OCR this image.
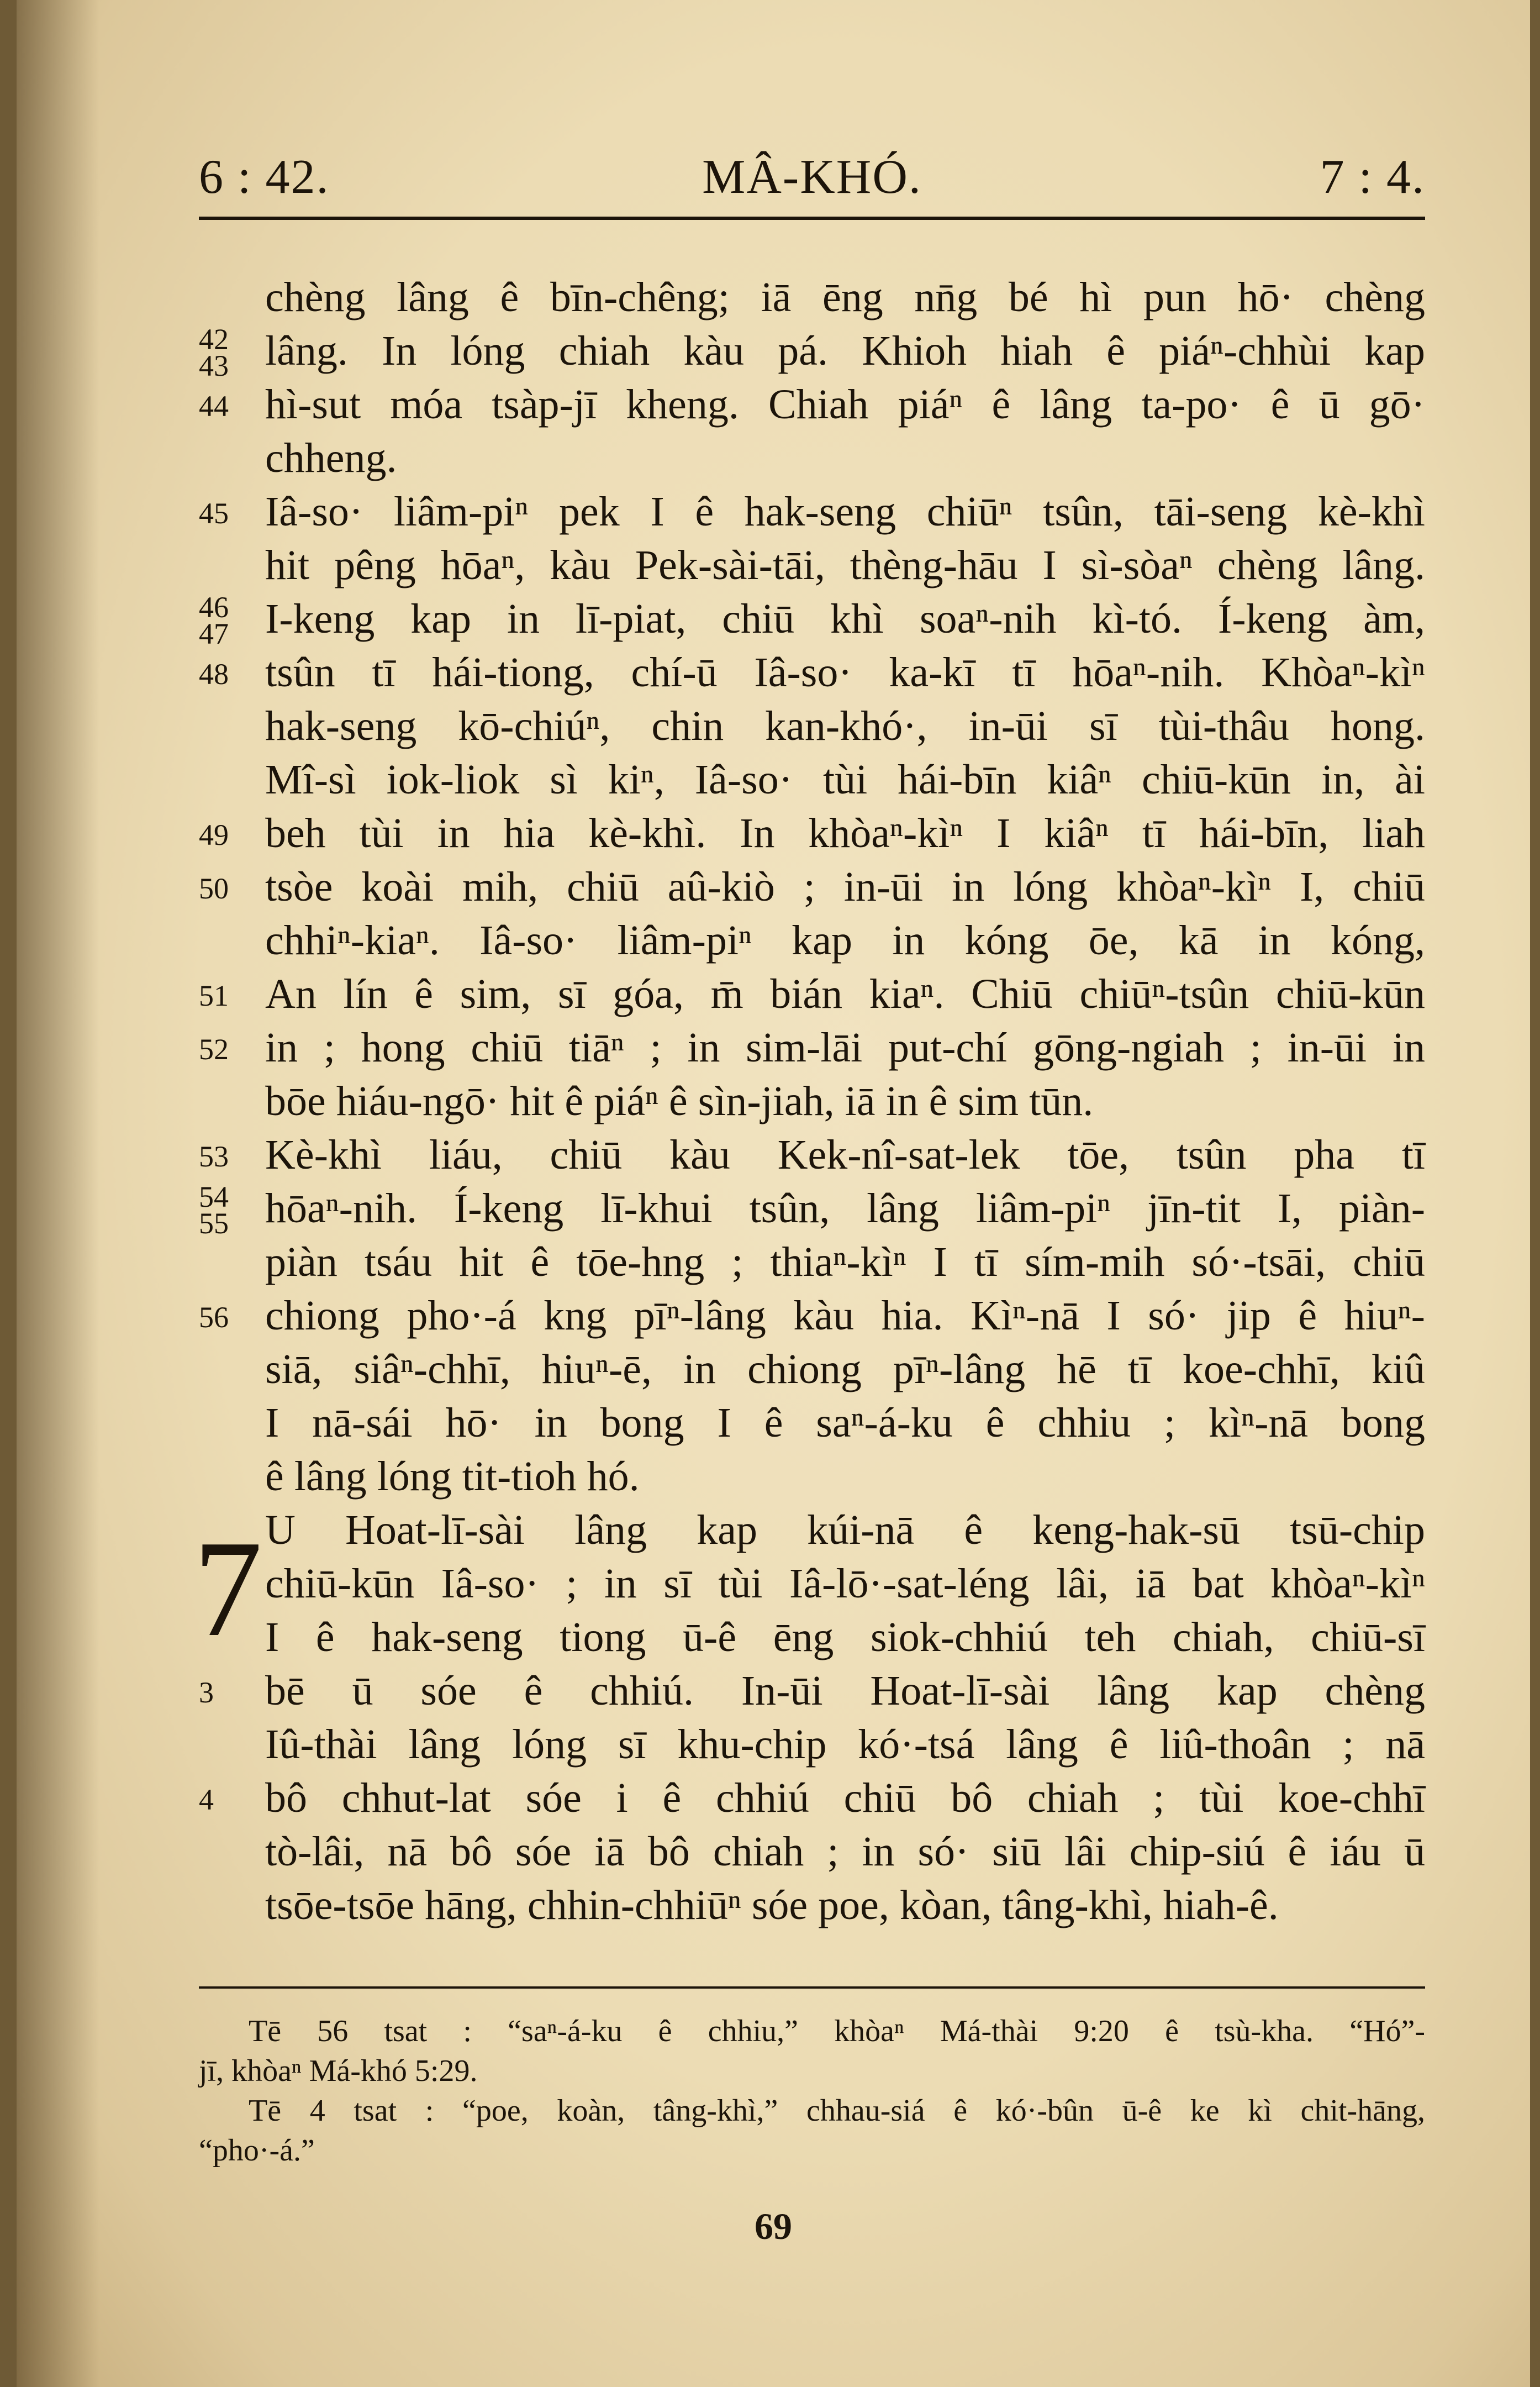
6 : 42.	MÂ-KHÓ.	7 : 4.
chèng lâng ê bīn-chêng; iā ēng nn̄g bé hì pun hō· chèng
42
43 lâng. In lóng chiah kàu pá. Khioh hiah ê piáⁿ-chhùi kap
44 hì-sut móa tsàp-jī kheng. Chiah piáⁿ ê lâng ta-po· ê ū gō·
chheng.
45 Iâ-so· liâm-piⁿ pek I ê hak-seng chiūⁿ tsûn, tāi-seng kè-khì
hit pêng hōaⁿ, kàu Pek-sài-tāi, thèng-hāu I sì-sòaⁿ chèng lâng.
46
47 I-keng kap in lī-piat, chiū khì soaⁿ-nih kì-tó. Í-keng àm,
48 tsûn tī hái-tiong, chí-ū Iâ-so· ka-kī tī hōaⁿ-nih. Khòaⁿ-kìⁿ
hak-seng kō-chiúⁿ, chin kan-khó·, in-ūi sī tùi-thâu hong.
Mî-sì iok-liok sì kiⁿ, Iâ-so· tùi hái-bīn kiâⁿ chiū-kūn in, ài
49 beh tùi in hia kè-khì. In khòaⁿ-kìⁿ I kiâⁿ tī hái-bīn, liah
50 tsòe koài mih, chiū aû-kiò ; in-ūi in lóng khòaⁿ-kìⁿ I, chiū
chhiⁿ-kiaⁿ. Iâ-so· liâm-piⁿ kap in kóng ōe, kā in kóng,
51 An lín ê sim, sī góa, m̄ bián kiaⁿ. Chiū chiūⁿ-tsûn chiū-kūn
52 in ; hong chiū tiāⁿ ; in sim-lāi put-chí gōng-ngiah ; in-ūi in
bōe hiáu-ngō· hit ê piáⁿ ê sìn-jiah, iā in ê sim tūn.
53 Kè-khì liáu, chiū kàu Kek-nî-sat-lek tōe, tsûn pha tī
54
55 hōaⁿ-nih. Í-keng lī-khui tsûn, lâng liâm-piⁿ jīn-tit I, piàn-
piàn tsáu hit ê tōe-hng ; thiaⁿ-kìⁿ I tī sím-mih só·-tsāi, chiū
56 chiong pho·-á kng pīⁿ-lâng kàu hia. Kìⁿ-nā I só· jip ê hiuⁿ-
siā, siâⁿ-chhī, hiuⁿ-ē, in chiong pīⁿ-lâng hē tī koe-chhī, kiû
I nā-sái hō· in bong I ê saⁿ-á-ku ê chhiu ; kìⁿ-nā bong
ê lâng lóng tit-tioh hó.
7 U Hoat-lī-sài lâng kap kúi-nā ê keng-hak-sū tsū-chip
chiū-kūn Iâ-so· ; in sī tùi Iâ-lō·-sat-léng lâi, iā bat khòaⁿ-kìⁿ
I ê hak-seng tiong ū-ê ēng siok-chhiú teh chiah, chiū-sī
3 bē ū sóe ê chhiú. In-ūi Hoat-lī-sài lâng kap chèng
Iû-thài lâng lóng sī khu-chip kó·-tsá lâng ê liû-thoân ; nā
4 bô chhut-lat sóe i ê chhiú chiū bô chiah ; tùi koe-chhī
tò-lâi, nā bô sóe iā bô chiah ; in só· siū lâi chip-siú ê iáu ū
tsōe-tsōe hāng, chhin-chhiūⁿ sóe poe, kòan, tâng-khì, hiah-ê.
Tē 56 tsat : “saⁿ-á-ku ê chhiu,” khòaⁿ Má-thài 9:20 ê tsù-kha. “Hó”-
jī, khòaⁿ Má-khó 5:29.
Tē 4 tsat : “poe, koàn, tâng-khì,” chhau-siá ê kó·-bûn ū-ê ke kì chit-hāng,
“pho·-á.”
69
